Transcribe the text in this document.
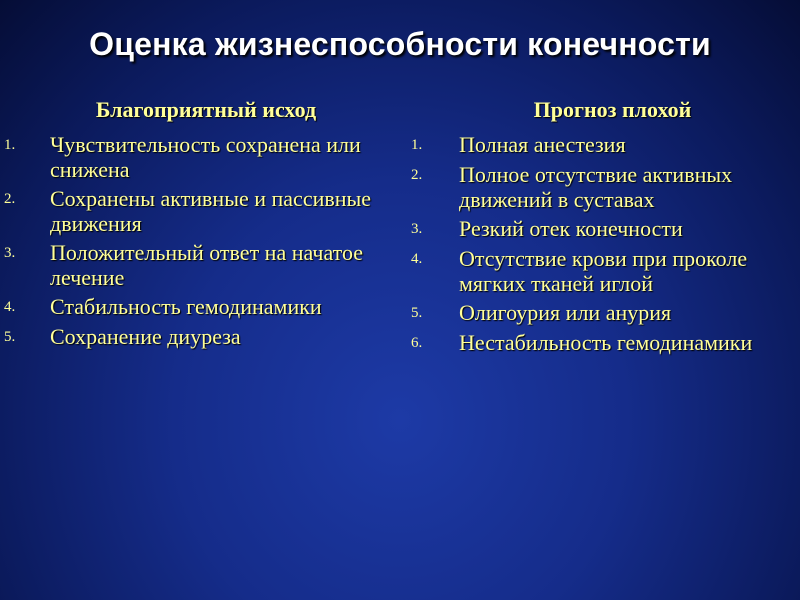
Оценка жизнеспособности конечности
Благоприятный исход
1.	Чувствительность сохранена или снижена
2.	Сохранены активные и пассивные движения
3.	Положительный ответ на начатое лечение
4.	Стабильность гемодинамики
5.	Сохранение диуреза
Прогноз плохой
1.	Полная анестезия
2.	Полное отсутствие активных движений в суставах
3.	Резкий отек конечности
4.	Отсутствие крови при проколе мягких тканей иглой
5.	Олигоурия или анурия
6.	Нестабильность гемодинамики
